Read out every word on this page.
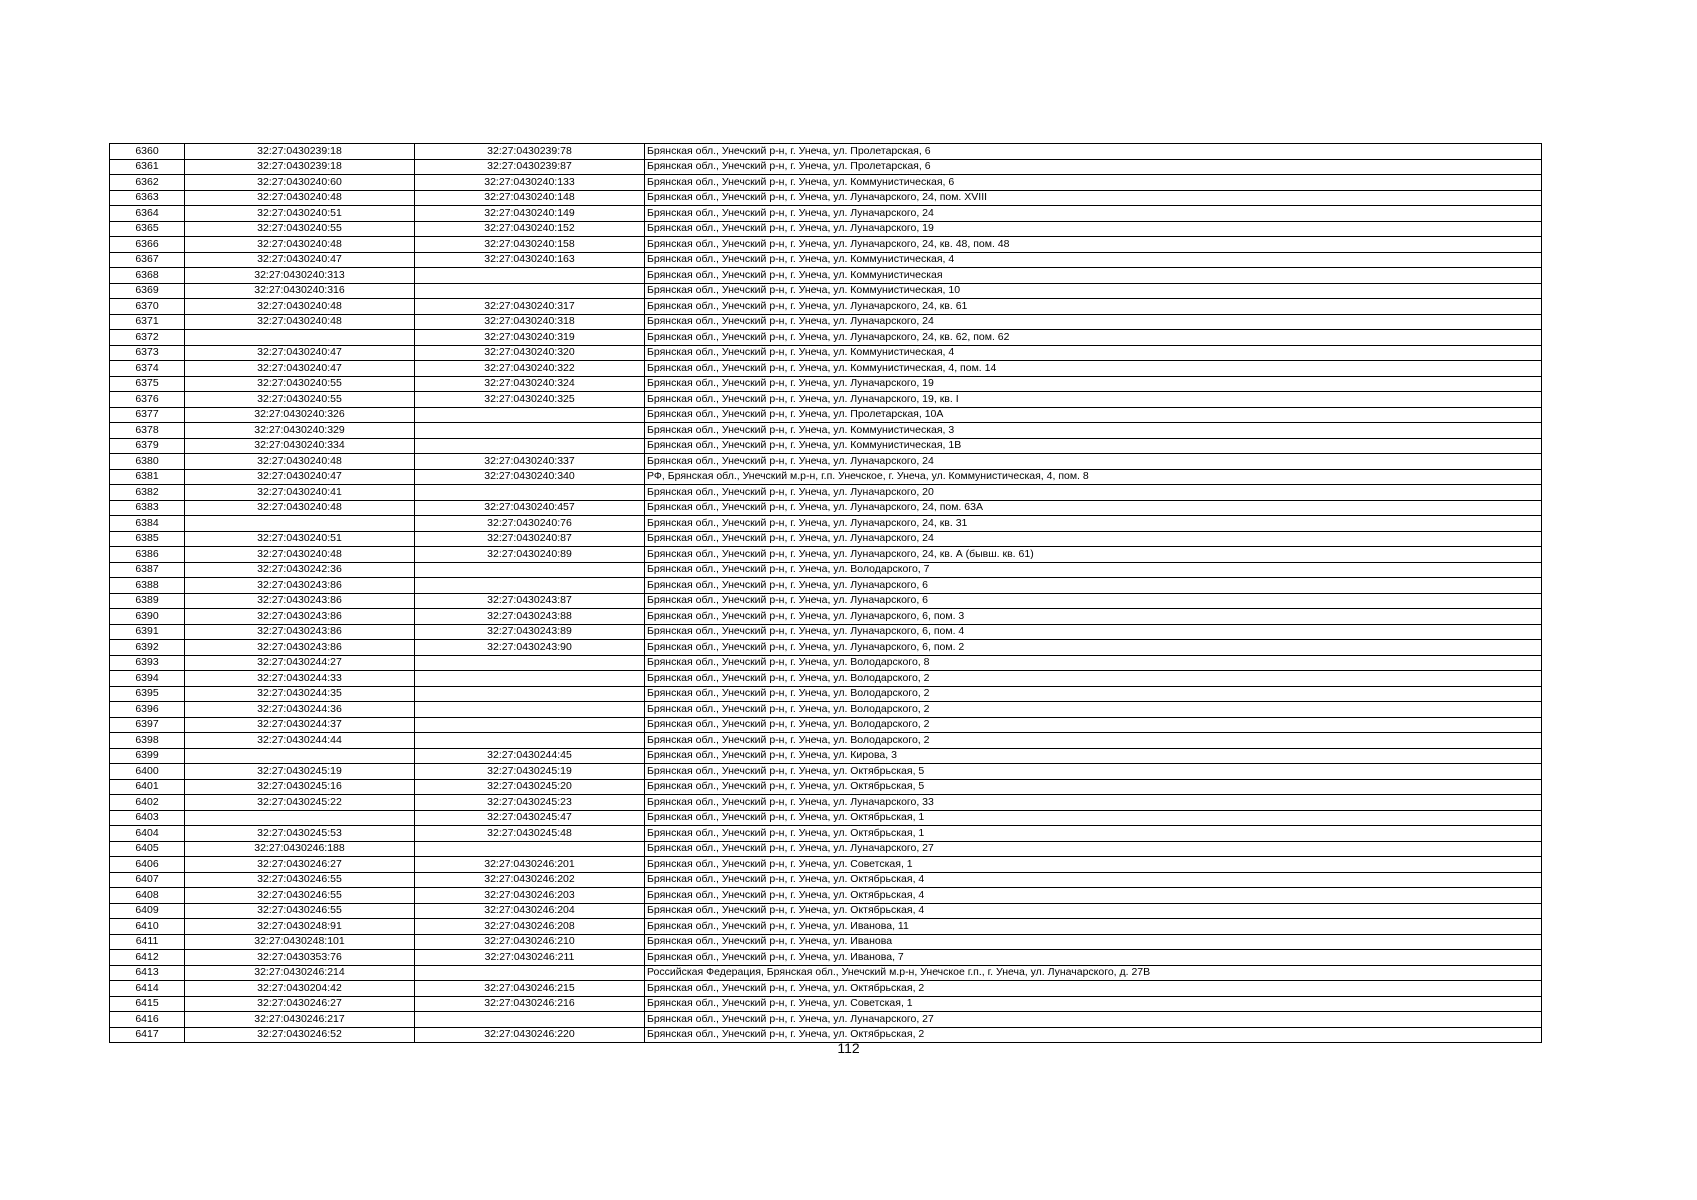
6360	32:27:0430239:18	32:27:0430239:78	Брянская обл., Унечский р-н, г. Унеча, ул. Пролетарская, 6
6361	32:27:0430239:18	32:27:0430239:87	Брянская обл., Унечский р-н, г. Унеча, ул. Пролетарская, 6
6362	32:27:0430240:60	32:27:0430240:133	Брянская обл., Унечский р-н, г. Унеча, ул. Коммунистическая, 6
6363	32:27:0430240:48	32:27:0430240:148	Брянская обл., Унечский р-н, г. Унеча, ул. Луначарского, 24, пом. XVIII
6364	32:27:0430240:51	32:27:0430240:149	Брянская обл., Унечский р-н, г. Унеча, ул. Луначарского, 24
6365	32:27:0430240:55	32:27:0430240:152	Брянская обл., Унечский р-н, г. Унеча, ул. Луначарского, 19
6366	32:27:0430240:48	32:27:0430240:158	Брянская обл., Унечский р-н, г. Унеча, ул. Луначарского, 24, кв. 48, пом. 48
6367	32:27:0430240:47	32:27:0430240:163	Брянская обл., Унечский р-н, г. Унеча, ул. Коммунистическая, 4
6368	32:27:0430240:313		Брянская обл., Унечский р-н, г. Унеча, ул. Коммунистическая
6369	32:27:0430240:316		Брянская обл., Унечский р-н, г. Унеча, ул. Коммунистическая, 10
6370	32:27:0430240:48	32:27:0430240:317	Брянская обл., Унечский р-н, г. Унеча, ул. Луначарского, 24, кв. 61
6371	32:27:0430240:48	32:27:0430240:318	Брянская обл., Унечский р-н, г. Унеча, ул. Луначарского, 24
6372		32:27:0430240:319	Брянская обл., Унечский р-н, г. Унеча, ул. Луначарского, 24, кв. 62, пом. 62
6373	32:27:0430240:47	32:27:0430240:320	Брянская обл., Унечский р-н, г. Унеча, ул. Коммунистическая, 4
6374	32:27:0430240:47	32:27:0430240:322	Брянская обл., Унечский р-н, г. Унеча, ул. Коммунистическая, 4, пом. 14
6375	32:27:0430240:55	32:27:0430240:324	Брянская обл., Унечский р-н, г. Унеча, ул. Луначарского, 19
6376	32:27:0430240:55	32:27:0430240:325	Брянская обл., Унечский р-н, г. Унеча, ул. Луначарского, 19, кв. I
6377	32:27:0430240:326		Брянская обл., Унечский р-н, г. Унеча, ул. Пролетарская, 10А
6378	32:27:0430240:329		Брянская обл., Унечский р-н, г. Унеча, ул. Коммунистическая, 3
6379	32:27:0430240:334		Брянская обл., Унечский р-н, г. Унеча, ул. Коммунистическая, 1В
6380	32:27:0430240:48	32:27:0430240:337	Брянская обл., Унечский р-н, г. Унеча, ул. Луначарского, 24
6381	32:27:0430240:47	32:27:0430240:340	РФ, Брянская обл., Унечский м.р-н, г.п. Унечское, г. Унеча, ул. Коммунистическая, 4, пом. 8
6382	32:27:0430240:41		Брянская обл., Унечский р-н, г. Унеча, ул. Луначарского, 20
6383	32:27:0430240:48	32:27:0430240:457	Брянская обл., Унечский р-н, г. Унеча, ул. Луначарского, 24, пом. 63А
6384		32:27:0430240:76	Брянская обл., Унечский р-н, г. Унеча, ул. Луначарского, 24, кв. 31
6385	32:27:0430240:51	32:27:0430240:87	Брянская обл., Унечский р-н, г. Унеча, ул. Луначарского, 24
6386	32:27:0430240:48	32:27:0430240:89	Брянская обл., Унечский р-н, г. Унеча, ул. Луначарского, 24, кв. А (бывш. кв. 61)
6387	32:27:0430242:36		Брянская обл., Унечский р-н, г. Унеча, ул. Володарского, 7
6388	32:27:0430243:86		Брянская обл., Унечский р-н, г. Унеча, ул. Луначарского, 6
6389	32:27:0430243:86	32:27:0430243:87	Брянская обл., Унечский р-н, г. Унеча, ул. Луначарского, 6
6390	32:27:0430243:86	32:27:0430243:88	Брянская обл., Унечский р-н, г. Унеча, ул. Луначарского, 6, пом. 3
6391	32:27:0430243:86	32:27:0430243:89	Брянская обл., Унечский р-н, г. Унеча, ул. Луначарского, 6, пом. 4
6392	32:27:0430243:86	32:27:0430243:90	Брянская обл., Унечский р-н, г. Унеча, ул. Луначарского, 6, пом. 2
6393	32:27:0430244:27		Брянская обл., Унечский р-н, г. Унеча, ул. Володарского, 8
6394	32:27:0430244:33		Брянская обл., Унечский р-н, г. Унеча, ул. Володарского, 2
6395	32:27:0430244:35		Брянская обл., Унечский р-н, г. Унеча, ул. Володарского, 2
6396	32:27:0430244:36		Брянская обл., Унечский р-н, г. Унеча, ул. Володарского, 2
6397	32:27:0430244:37		Брянская обл., Унечский р-н, г. Унеча, ул. Володарского, 2
6398	32:27:0430244:44		Брянская обл., Унечский р-н, г. Унеча, ул. Володарского, 2
6399		32:27:0430244:45	Брянская обл., Унечский р-н, г. Унеча, ул. Кирова, 3
6400	32:27:0430245:19	32:27:0430245:19	Брянская обл., Унечский р-н, г. Унеча, ул. Октябрьская, 5
6401	32:27:0430245:16	32:27:0430245:20	Брянская обл., Унечский р-н, г. Унеча, ул. Октябрьская, 5
6402	32:27:0430245:22	32:27:0430245:23	Брянская обл., Унечский р-н, г. Унеча, ул. Луначарского, 33
6403		32:27:0430245:47	Брянская обл., Унечский р-н, г. Унеча, ул. Октябрьская, 1
6404	32:27:0430245:53	32:27:0430245:48	Брянская обл., Унечский р-н, г. Унеча, ул. Октябрьская, 1
6405	32:27:0430246:188		Брянская обл., Унечский р-н, г. Унеча, ул. Луначарского, 27
6406	32:27:0430246:27	32:27:0430246:201	Брянская обл., Унечский р-н, г. Унеча, ул. Советская, 1
6407	32:27:0430246:55	32:27:0430246:202	Брянская обл., Унечский р-н, г. Унеча, ул. Октябрьская, 4
6408	32:27:0430246:55	32:27:0430246:203	Брянская обл., Унечский р-н, г. Унеча, ул. Октябрьская, 4
6409	32:27:0430246:55	32:27:0430246:204	Брянская обл., Унечский р-н, г. Унеча, ул. Октябрьская, 4
6410	32:27:0430248:91	32:27:0430246:208	Брянская обл., Унечский р-н, г. Унеча, ул. Иванова, 11
6411	32:27:0430248:101	32:27:0430246:210	Брянская обл., Унечский р-н, г. Унеча, ул. Иванова
6412	32:27:0430353:76	32:27:0430246:211	Брянская обл., Унечский р-н, г. Унеча, ул. Иванова, 7
6413	32:27:0430246:214		Российская Федерация, Брянская обл., Унечский м.р-н, Унечское г.п., г. Унеча, ул. Луначарского, д. 27В
6414	32:27:0430204:42	32:27:0430246:215	Брянская обл., Унечский р-н, г. Унеча, ул. Октябрьская, 2
6415	32:27:0430246:27	32:27:0430246:216	Брянская обл., Унечский р-н, г. Унеча, ул. Советская, 1
6416	32:27:0430246:217		Брянская обл., Унечский р-н, г. Унеча, ул. Луначарского, 27
6417	32:27:0430246:52	32:27:0430246:220	Брянская обл., Унечский р-н, г. Унеча, ул. Октябрьская, 2
112
